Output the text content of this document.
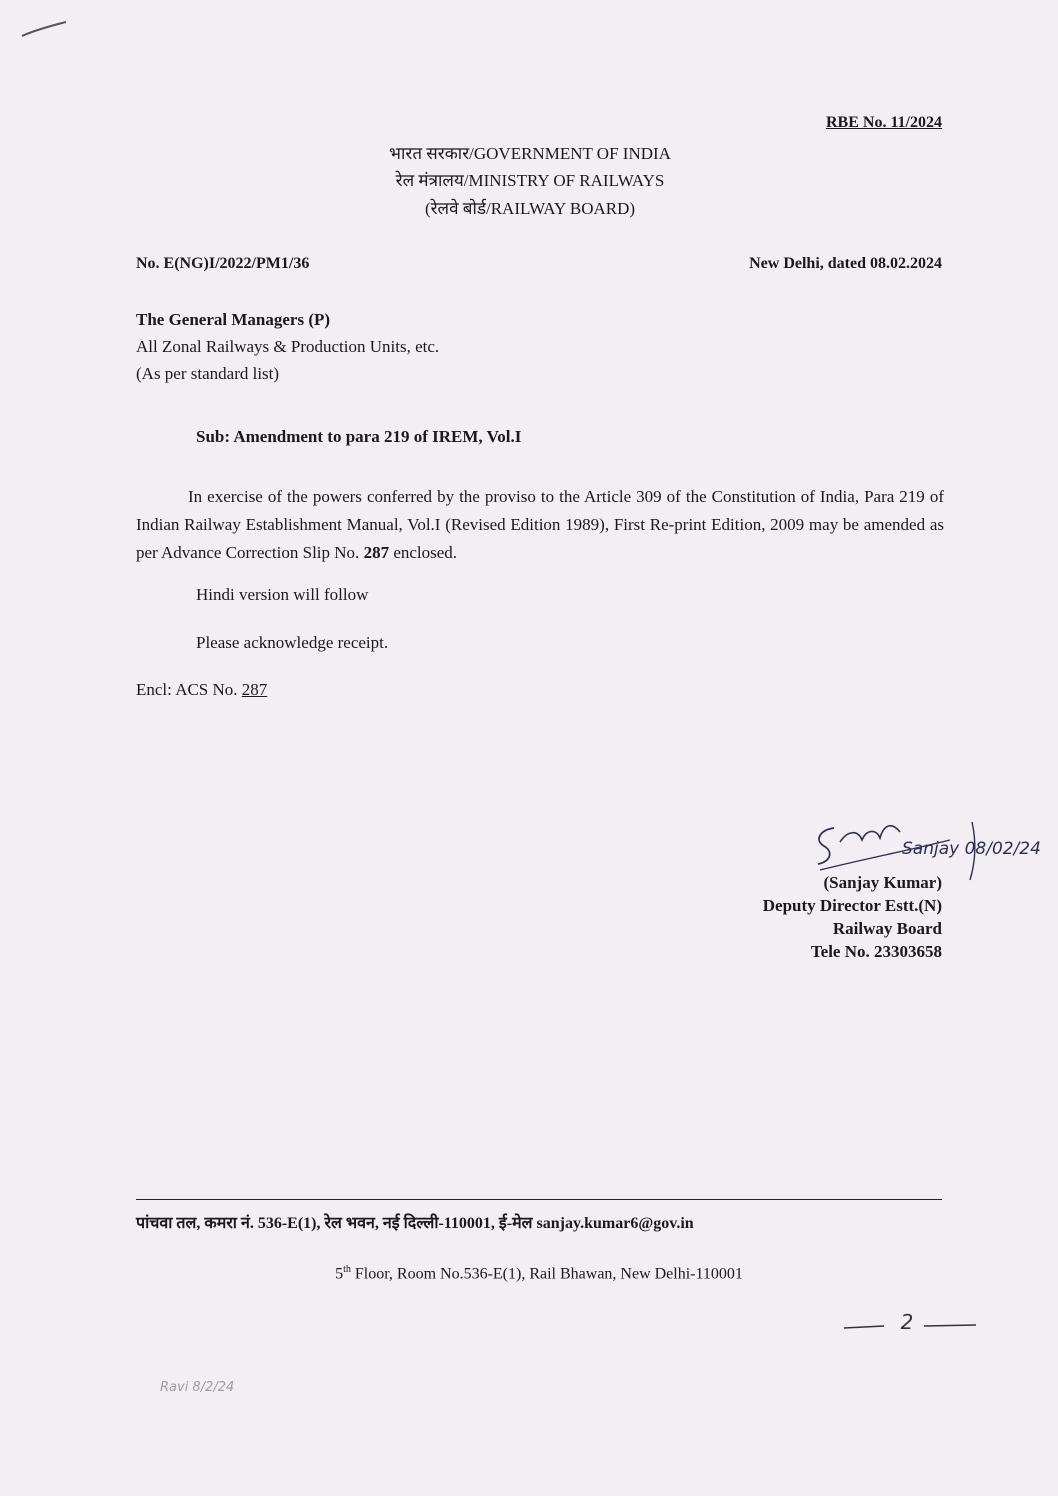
RBE No. 11/2024
भारत सरकार/GOVERNMENT OF INDIA
रेल मंत्रालय/MINISTRY OF RAILWAYS
(रेलवे बोर्ड/RAILWAY BOARD)
No. E(NG)I/2022/PM1/36	New Delhi, dated 08.02.2024
The General Managers (P)
All Zonal Railways & Production Units, etc.
(As per standard list)
Sub: Amendment to para 219 of IREM, Vol.I
In exercise of the powers conferred by the proviso to the Article 309 of the Constitution of India, Para 219 of Indian Railway Establishment Manual, Vol.I (Revised Edition 1989), First Re-print Edition, 2009 may be amended as per Advance Correction Slip No. 287 enclosed.
Hindi version will follow
Please acknowledge receipt.
Encl: ACS No. 287
Sanjay 08/02/24
(Sanjay Kumar)
Deputy Director Estt.(N)
Railway Board
Tele No. 23303658
पांचवा तल, कमरा नं. 536-E(1), रेल भवन, नई दिल्ली-110001, ई-मेल sanjay.kumar6@gov.in
5th Floor, Room No.536-E(1), Rail Bhawan, New Delhi-110001
2
Ravi 8/2/24
